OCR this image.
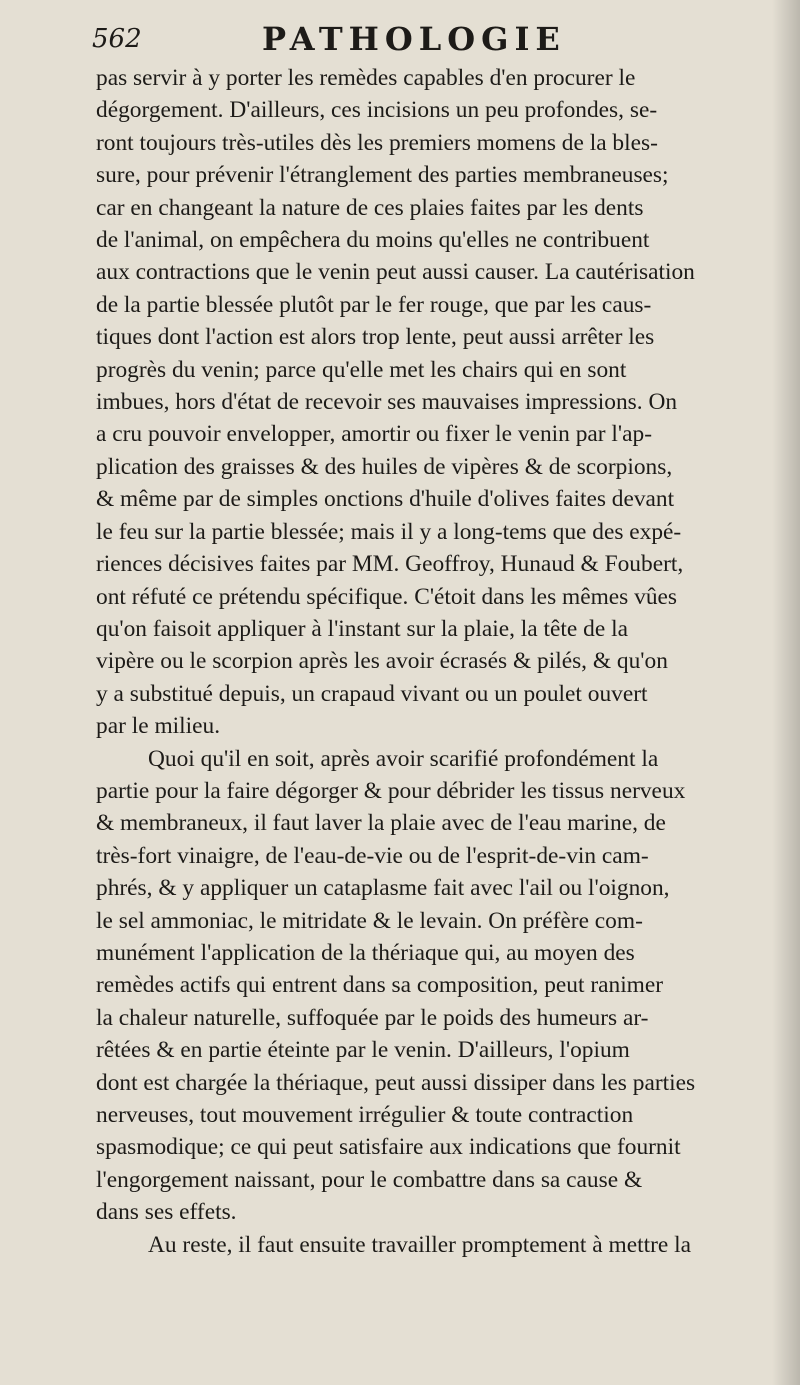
562	PATHOLOGIE
pas servir à y porter les remèdes capables d'en procurer le
dégorgement. D'ailleurs, ces incisions un peu profondes, se-
ront toujours très-utiles dès les premiers momens de la bles-
sure, pour prévenir l'étranglement des parties membraneuses;
car en changeant la nature de ces plaies faites par les dents
de l'animal, on empêchera du moins qu'elles ne contribuent
aux contractions que le venin peut aussi causer. La cautérisation
de la partie blessée plutôt par le fer rouge, que par les caus-
tiques dont l'action est alors trop lente, peut aussi arrêter les
progrès du venin; parce qu'elle met les chairs qui en sont
imbues, hors d'état de recevoir ses mauvaises impressions. On
a cru pouvoir envelopper, amortir ou fixer le venin par l'ap-
plication des graisses & des huiles de vipères & de scorpions,
& même par de simples onctions d'huile d'olives faites devant
le feu sur la partie blessée; mais il y a long-tems que des expé-
riences décisives faites par MM. Geoffroy, Hunaud & Foubert,
ont réfuté ce prétendu spécifique. C'étoit dans les mêmes vûes
qu'on faisoit appliquer à l'instant sur la plaie, la tête de la
vipère ou le scorpion après les avoir écrasés & pilés, & qu'on
y a substitué depuis, un crapaud vivant ou un poulet ouvert
par le milieu.
Quoi qu'il en soit, après avoir scarifié profondément la
partie pour la faire dégorger & pour débrider les tissus nerveux
& membraneux, il faut laver la plaie avec de l'eau marine, de
très-fort vinaigre, de l'eau-de-vie ou de l'esprit-de-vin cam-
phrés, & y appliquer un cataplasme fait avec l'ail ou l'oignon,
le sel ammoniac, le mitridate & le levain. On préfère com-
munément l'application de la thériaque qui, au moyen des
remèdes actifs qui entrent dans sa composition, peut ranimer
la chaleur naturelle, suffoquée par le poids des humeurs ar-
rêtées & en partie éteinte par le venin. D'ailleurs, l'opium
dont est chargée la thériaque, peut aussi dissiper dans les parties
nerveuses, tout mouvement irrégulier & toute contraction
spasmodique; ce qui peut satisfaire aux indications que fournit
l'engorgement naissant, pour le combattre dans sa cause &
dans ses effets.
Au reste, il faut ensuite travailler promptement à mettre la
